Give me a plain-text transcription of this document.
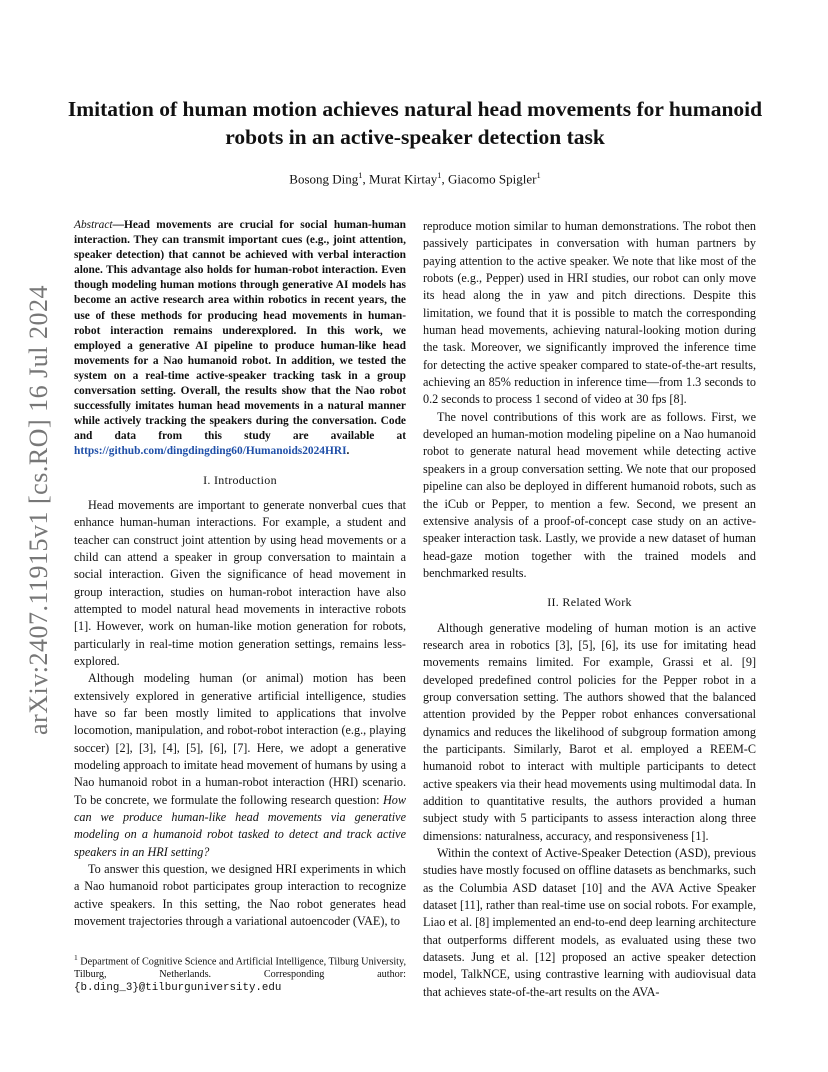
arXiv:2407.11915v1 [cs.RO] 16 Jul 2024
Imitation of human motion achieves natural head movements for humanoid robots in an active-speaker detection task
Bosong Ding$^1$, Murat Kirtay$^1$, Giacomo Spigler$^1$

Abstract—Head movements are crucial for social human-human interaction. They can transmit important cues (e.g., joint attention, speaker detection) that cannot be achieved with verbal interaction alone. This advantage also holds for human-robot interaction. Even though modeling human motions through generative AI models has become an active research area within robotics in recent years, the use of these methods for producing head movements in human-robot interaction remains underexplored. In this work, we employed a generative AI pipeline to produce human-like head movements for a Nao humanoid robot. In addition, we tested the system on a real-time active-speaker tracking task in a group conversation setting. Overall, the results show that the Nao robot successfully imitates human head movements in a natural manner while actively tracking the speakers during the conversation. Code and data from this study are available at https://github.com/dingdingding60/Humanoids2024HRI.

I. Introduction

Head movements are important to generate nonverbal cues that enhance human-human interactions. For example, a student and teacher can construct joint attention by using head movements or a child can attend a speaker in group conversation to maintain a social interaction. Given the significance of head movement in group interaction, studies on human-robot interaction have also attempted to model natural head movements in interactive robots [1]. However, work on human-like motion generation for robots, particularly in real-time motion generation settings, remains less-explored.

Although modeling human (or animal) motion has been extensively explored in generative artificial intelligence, studies have so far been mostly limited to applications that involve locomotion, manipulation, and robot-robot interaction (e.g., playing soccer) [2], [3], [4], [5], [6], [7]. Here, we adopt a generative modeling approach to imitate head movement of humans by using a Nao humanoid robot in a human-robot interaction (HRI) scenario. To be concrete, we formulate the following research question: How can we produce human-like head movements via generative modeling on a humanoid robot tasked to detect and track active speakers in an HRI setting?

To answer this question, we designed HRI experiments in which a Nao humanoid robot participates group interaction to recognize active speakers. In this setting, the Nao robot generates head movement trajectories through a variational autoencoder (VAE), to

reproduce motion similar to human demonstrations. The robot then passively participates in conversation with human partners by paying attention to the active speaker. We note that like most of the robots (e.g., Pepper) used in HRI studies, our robot can only move its head along the in yaw and pitch directions. Despite this limitation, we found that it is possible to match the corresponding human head movements, achieving natural-looking motion during the task. Moreover, we significantly improved the inference time for detecting the active speaker compared to state-of-the-art results, achieving an 85% reduction in inference time—from 1.3 seconds to 0.2 seconds to process 1 second of video at 30 fps [8].

The novel contributions of this work are as follows. First, we developed an human-motion modeling pipeline on a Nao humanoid robot to generate natural head movement while detecting active speakers in a group conversation setting. We note that our proposed pipeline can also be deployed in different humanoid robots, such as the iCub or Pepper, to mention a few. Second, we present an extensive analysis of a proof-of-concept case study on an active-speaker interaction task. Lastly, we provide a new dataset of human head-gaze motion together with the trained models and benchmarked results.

II. Related Work

Although generative modeling of human motion is an active research area in robotics [3], [5], [6], its use for imitating head movements remains limited. For example, Grassi et al. [9] developed predefined control policies for the Pepper robot in a group conversation setting. The authors showed that the balanced attention provided by the Pepper robot enhances conversational dynamics and reduces the likelihood of subgroup formation among the participants. Similarly, Barot et al. employed a REEM-C humanoid robot to interact with multiple participants to detect active speakers via their head movements using multimodal data. In addition to quantitative results, the authors provided a human subject study with 5 participants to assess interaction along three dimensions: naturalness, accuracy, and responsiveness [1].

Within the context of Active-Speaker Detection (ASD), previous studies have mostly focused on offline datasets as benchmarks, such as the Columbia ASD dataset [10] and the AVA Active Speaker dataset [11], rather than real-time use on social robots. For example, Liao et al. [8] implemented an end-to-end deep learning architecture that outperforms different models, as evaluated using these two datasets. Jung et al. [12] proposed an active speaker detection model, TalkNCE, using contrastive learning with audiovisual data that achieves state-of-the-art results on the AVA-

$^1$ Department of Cognitive Science and Artificial Intelligence, Tilburg University, Tilburg, Netherlands. Corresponding author: {b.ding_3}@tilburguniversity.edu
